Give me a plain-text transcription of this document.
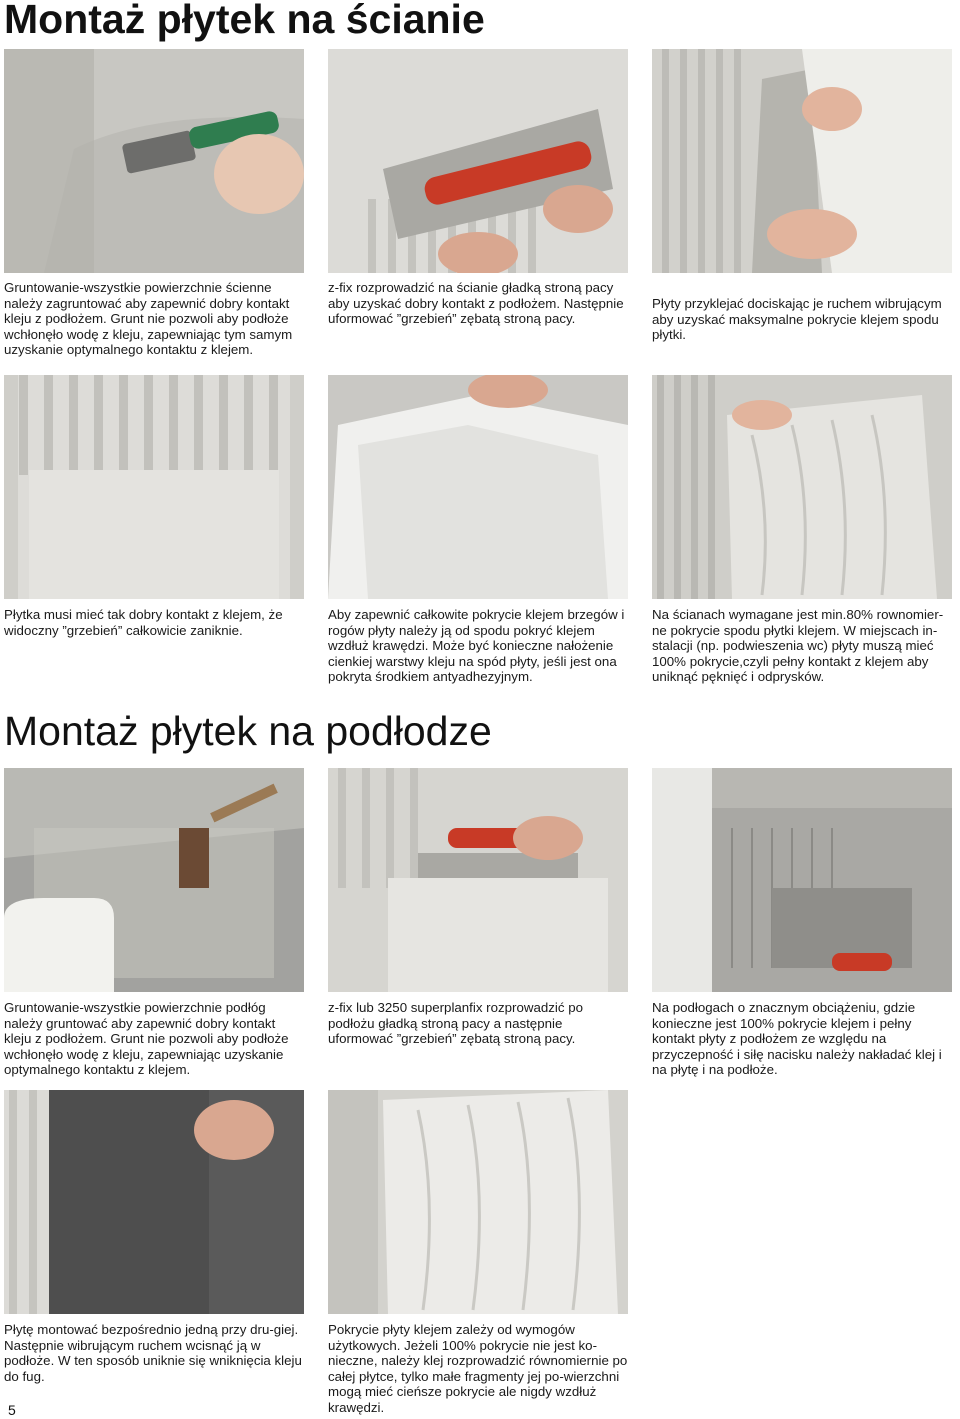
Montaż płytek na ścianie
Gruntowanie-wszystkie powierzchnie ścienne należy zagruntować aby zapewnić dobry kontakt kleju z podłożem. Grunt nie pozwoli aby podłoże wchłonęło wodę z kleju, zapewniając tym samym uzyskanie optymalnego kontaktu z klejem.
z-fix rozprowadzić na ścianie gładką stroną pacy aby uzyskać dobry kontakt z podłożem. Następnie uformować ”grzebień” zębatą stroną pacy.
Płyty przyklejać dociskając je ruchem wibrującym aby uzyskać maksymalne pokrycie klejem spodu płytki.
Płytka musi mieć tak dobry kontakt z klejem, że widoczny ”grzebień” całkowicie zaniknie.
Aby zapewnić całkowite pokrycie klejem brzegów i rogów płyty należy ją od spodu pokryć klejem wzdłuż krawędzi. Może być konieczne nałożenie cienkiej warstwy kleju na spód płyty, jeśli jest ona pokryta środkiem antyadhezyjnym.
Na ścianach wymagane jest min.80% rownomier-ne pokrycie spodu płytki klejem. W miejscach in-stalacji (np. podwieszenia wc) płyty muszą mieć 100% pokrycie,czyli pełny kontakt z klejem aby uniknąć pęknięć i odprysków.
Montaż płytek na podłodze
Gruntowanie-wszystkie powierzchnie podłóg należy gruntować aby zapewnić dobry kontakt kleju z podłożem. Grunt nie pozwoli aby podłoże wchłonęło wodę z kleju, zapewniając uzyskanie optymalnego kontaktu z klejem.
z-fix lub 3250 superplanfix rozprowadzić po podłożu gładką stroną pacy a następnie uformować ”grzebień” zębatą stroną pacy.
Na podłogach o znacznym obciążeniu, gdzie konieczne jest 100% pokrycie klejem i pełny kontakt płyty z podłożem ze względu na przyczepność i siłę nacisku należy nakładać klej i na płytę i na podłoże.
Płytę montować bezpośrednio jedną przy dru-giej. Następnie wibrującym ruchem wcisnąć ją w podłoże. W ten sposób uniknie się wniknięcia kleju do fug.
Pokrycie płyty klejem zależy od wymogów użytkowych. Jeżeli 100% pokrycie nie jest ko-nieczne, należy klej rozprowadzić równomiernie po całej płytce, tylko małe fragmenty jej po-wierzchni mogą mieć cieńsze pokrycie ale nigdy wzdłuż krawędzi.
5
